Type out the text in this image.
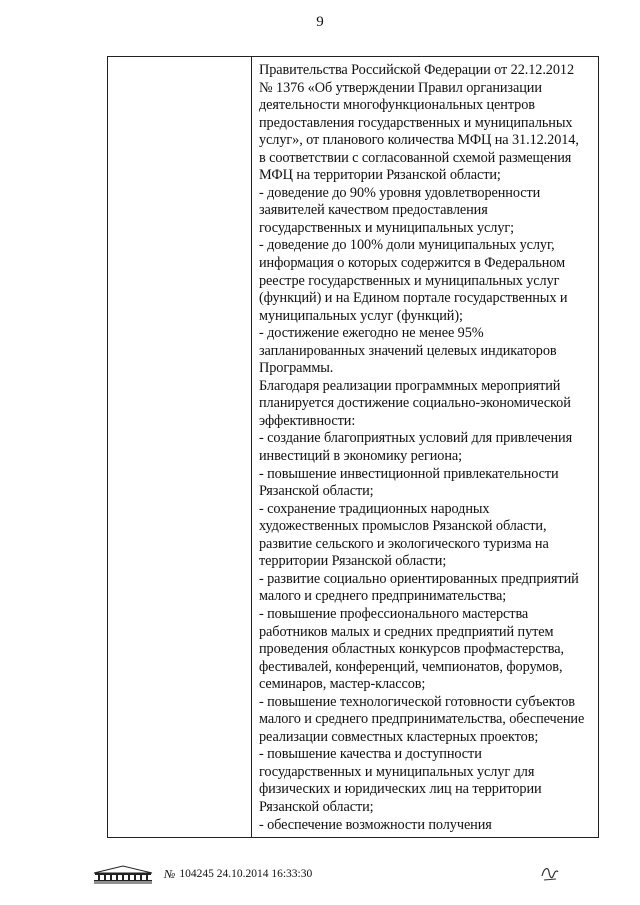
9
Правительства Российской Федерации от 22.12.2012
№ 1376 «Об утверждении Правил организации
деятельности многофункциональных центров
предоставления государственных и муниципальных
услуг», от планового количества МФЦ на 31.12.2014,
в соответствии с согласованной схемой размещения
МФЦ на территории Рязанской области;
- доведение до 90% уровня удовлетворенности
заявителей качеством предоставления
государственных и муниципальных услуг;
- доведение до 100% доли муниципальных услуг,
информация о которых содержится в Федеральном
реестре государственных и муниципальных услуг
(функций) и на Едином портале государственных и
муниципальных услуг (функций);
- достижение ежегодно не менее 95%
запланированных значений целевых индикаторов
Программы.
Благодаря реализации программных мероприятий
планируется достижение социально-экономической
эффективности:
- создание благоприятных условий для привлечения
инвестиций в экономику региона;
- повышение инвестиционной привлекательности
Рязанской области;
- сохранение традиционных народных
художественных промыслов Рязанской области,
развитие сельского и экологического туризма на
территории Рязанской области;
- развитие социально ориентированных предприятий
малого и среднего предпринимательства;
- повышение профессионального мастерства
работников малых и средних предприятий путем
проведения областных конкурсов профмастерства,
фестивалей, конференций, чемпионатов, форумов,
семинаров, мастер-классов;
- повышение технологической готовности субъектов
малого и среднего предпринимательства, обеспечение
реализации совместных кластерных проектов;
- повышение качества и доступности
государственных и муниципальных услуг для
физических и юридических лиц на территории
Рязанской области;
- обеспечение возможности получения
№ 104245 24.10.2014 16:33:30
